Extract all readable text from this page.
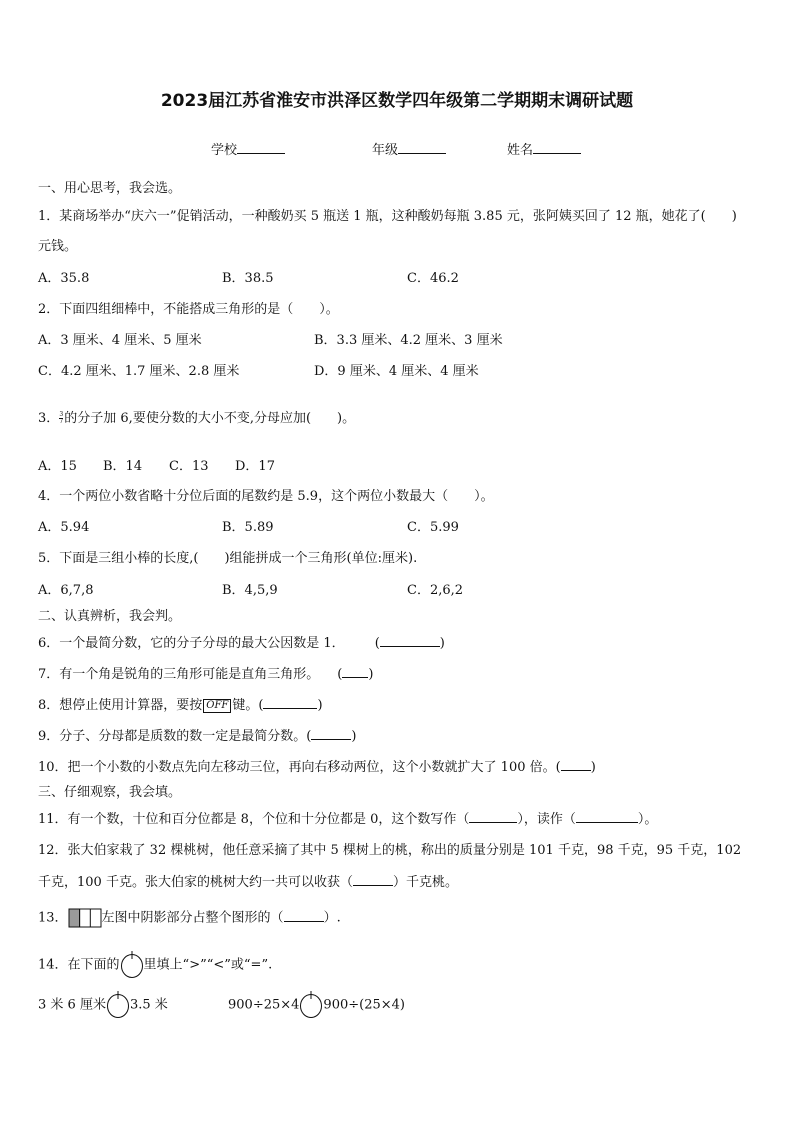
2023届江苏省淮安市洪泽区数学四年级第二学期期末调研试题
学校	年级	姓名
一、用心思考，我会选。
1．某商场举办“庆六一”促销活动，一种酸奶买 5 瓶送 1 瓶，这种酸奶每瓶 3.85 元，张阿姨买回了 12 瓶，她花了(　　)
元钱。
A．35.8	B．38.5	C．46.2
2．下面四组细棒中，不能搭成三角形的是（　　）。
A．3 厘米、4 厘米、5 厘米	B．3.3 厘米、4.2 厘米、3 厘米
C．4.2 厘米、1.7 厘米、2.8 厘米	D．9 厘米、4 厘米、4 厘米
3． $\frac{3}{7}$ 的分子加 6,要使分数的大小不变,分母应加(　　)。
A．15 B．14 C．13 D．17
4．一个两位小数省略十分位后面的尾数约是 5.9，这个两位小数最大（　　）。
A．5.94	B．5.89	C．5.99
5．下面是三组小棒的长度,(　　)组能拼成一个三角形(单位:厘米).
A．6,7,8	B．4,5,9	C．2,6,2
二、认真辨析，我会判。
6．一个最简分数，它的分子分母的最大公因数是 1． (	)
7．有一个角是锐角的三角形可能是直角三角形。 ( )
8．想停止使用计算器，要按 OFF 键。(	)
9．分子、分母都是质数的数一定是最简分数。(	)
10．把一个小数的小数点先向左移动三位，再向右移动两位，这个小数就扩大了 100 倍。( )
三、仔细观察，我会填。
11．有一个数，十位和百分位都是 8，个位和十分位都是 0，这个数写作（	），读作（	）。
12．张大伯家栽了 32 棵桃树，他任意采摘了其中 5 棵树上的桃，称出的质量分别是 101 千克，98 千克，95 千克，102
千克，100 千克。张大伯家的桃树大约一共可以收获（	）千克桃。
13．	左图中阴影部分占整个图形的（	）.
14．在下面的 里填上“>”“<”或“=”.
3 米 6 厘米 3.5 米	900÷25×4 900÷(25×4)
